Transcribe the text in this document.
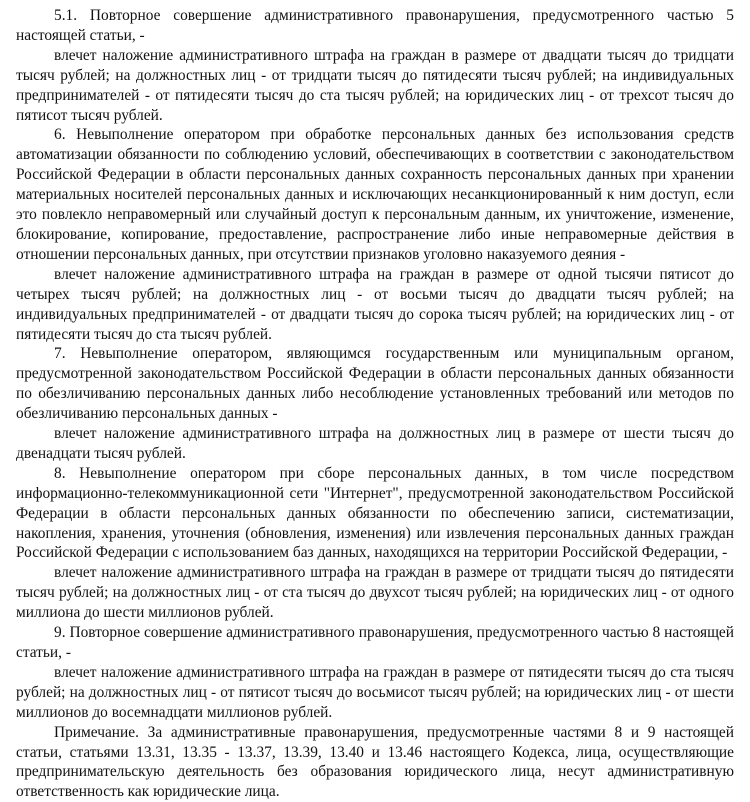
5.1. Повторное совершение административного правонарушения, предусмотренного частью 5 настоящей статьи, -

влечет наложение административного штрафа на граждан в размере от двадцати тысяч до тридцати тысяч рублей; на должностных лиц - от тридцати тысяч до пятидесяти тысяч рублей; на индивидуальных предпринимателей - от пятидесяти тысяч до ста тысяч рублей; на юридических лиц - от трехсот тысяч до пятисот тысяч рублей.

6. Невыполнение оператором при обработке персональных данных без использования средств автоматизации обязанности по соблюдению условий, обеспечивающих в соответствии с законодательством Российской Федерации в области персональных данных сохранность персональных данных при хранении материальных носителей персональных данных и исключающих несанкционированный к ним доступ, если это повлекло неправомерный или случайный доступ к персональным данным, их уничтожение, изменение, блокирование, копирование, предоставление, распространение либо иные неправомерные действия в отношении персональных данных, при отсутствии признаков уголовно наказуемого деяния -

влечет наложение административного штрафа на граждан в размере от одной тысячи пятисот до четырех тысяч рублей; на должностных лиц - от восьми тысяч до двадцати тысяч рублей; на индивидуальных предпринимателей - от двадцати тысяч до сорока тысяч рублей; на юридических лиц - от пятидесяти тысяч до ста тысяч рублей.

7. Невыполнение оператором, являющимся государственным или муниципальным органом, предусмотренной законодательством Российской Федерации в области персональных данных обязанности по обезличиванию персональных данных либо несоблюдение установленных требований или методов по обезличиванию персональных данных -

влечет наложение административного штрафа на должностных лиц в размере от шести тысяч до двенадцати тысяч рублей.

8. Невыполнение оператором при сборе персональных данных, в том числе посредством информационно-телекоммуникационной сети "Интернет", предусмотренной законодательством Российской Федерации в области персональных данных обязанности по обеспечению записи, систематизации, накопления, хранения, уточнения (обновления, изменения) или извлечения персональных данных граждан Российской Федерации с использованием баз данных, находящихся на территории Российской Федерации, -

влечет наложение административного штрафа на граждан в размере от тридцати тысяч до пятидесяти тысяч рублей; на должностных лиц - от ста тысяч до двухсот тысяч рублей; на юридических лиц - от одного миллиона до шести миллионов рублей.

9. Повторное совершение административного правонарушения, предусмотренного частью 8 настоящей статьи, -

влечет наложение административного штрафа на граждан в размере от пятидесяти тысяч до ста тысяч рублей; на должностных лиц - от пятисот тысяч до восьмисот тысяч рублей; на юридических лиц - от шести миллионов до восемнадцати миллионов рублей.

Примечание. За административные правонарушения, предусмотренные частями 8 и 9 настоящей статьи, статьями 13.31, 13.35 - 13.37, 13.39, 13.40 и 13.46 настоящего Кодекса, лица, осуществляющие предпринимательскую деятельность без образования юридического лица, несут административную ответственность как юридические лица.
